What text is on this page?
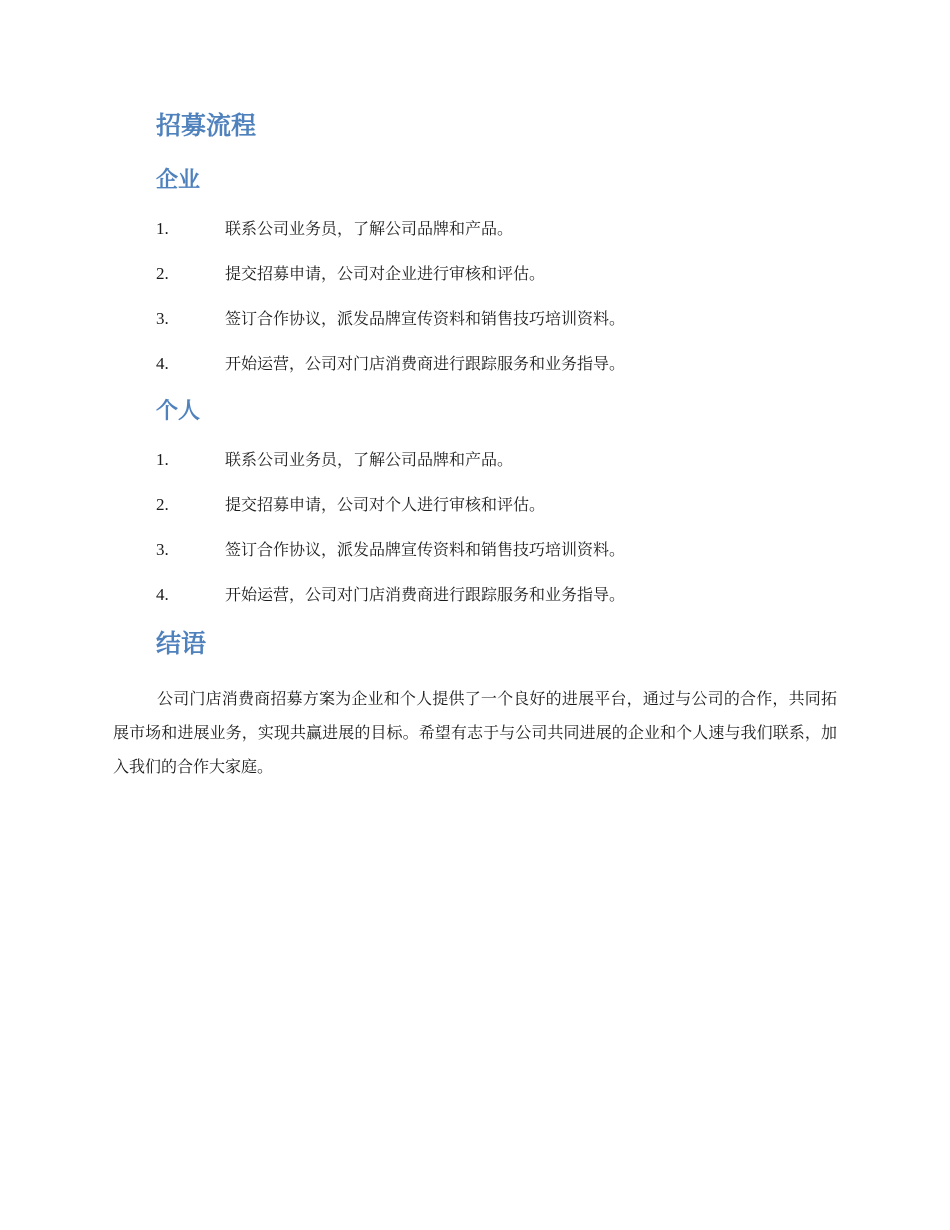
招募流程
企业
1.	联系公司业务员，了解公司品牌和产品。
2.	提交招募申请，公司对企业进行审核和评估。
3.	签订合作协议，派发品牌宣传资料和销售技巧培训资料。
4.	开始运营，公司对门店消费商进行跟踪服务和业务指导。
个人
1.	联系公司业务员，了解公司品牌和产品。
2.	提交招募申请，公司对个人进行审核和评估。
3.	签订合作协议，派发品牌宣传资料和销售技巧培训资料。
4.	开始运营，公司对门店消费商进行跟踪服务和业务指导。
结语

公司门店消费商招募方案为企业和个人提供了一个良好的进展平台，通过与公司的合作，共同拓展市场和进展业务，实现共赢进展的目标。希望有志于与公司共同进展的企业和个人速与我们联系，加入我们的合作大家庭。
